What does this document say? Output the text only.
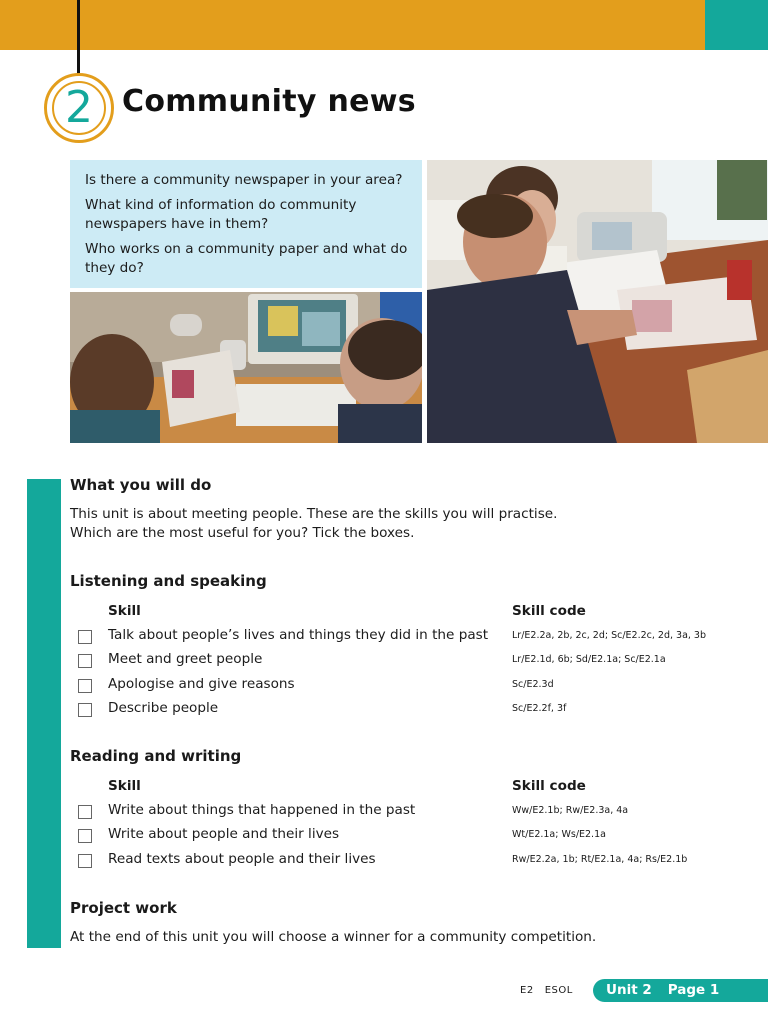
2 Community news

Is there a community newspaper in your area?

What kind of information do community newspapers have in them?

Who works on a community paper and what do they do?

What you will do
This unit is about meeting people. These are the skills you will practise. Which are the most useful for you? Tick the boxes.
Listening and speaking
Skill	Skill code
Talk about people’s lives and things they did in the past	Lr/E2.2a, 2b, 2c, 2d; Sc/E2.2c, 2d, 3a, 3b
Meet and greet people	Lr/E2.1d, 6b; Sd/E2.1a; Sc/E2.1a
Apologise and give reasons	Sc/E2.3d
Describe people	Sc/E2.2f, 3f
Reading and writing
Skill	Skill code
Write about things that happened in the past	Ww/E2.1b; Rw/E2.3a, 4a
Write about people and their lives	Wt/E2.1a; Ws/E2.1a
Read texts about people and their lives	Rw/E2.2a, 1b; Rt/E2.1a, 4a; Rs/E2.1b
Project work
At the end of this unit you will choose a winner for a community competition.
E2 ESOL	Unit 2 Page 1
